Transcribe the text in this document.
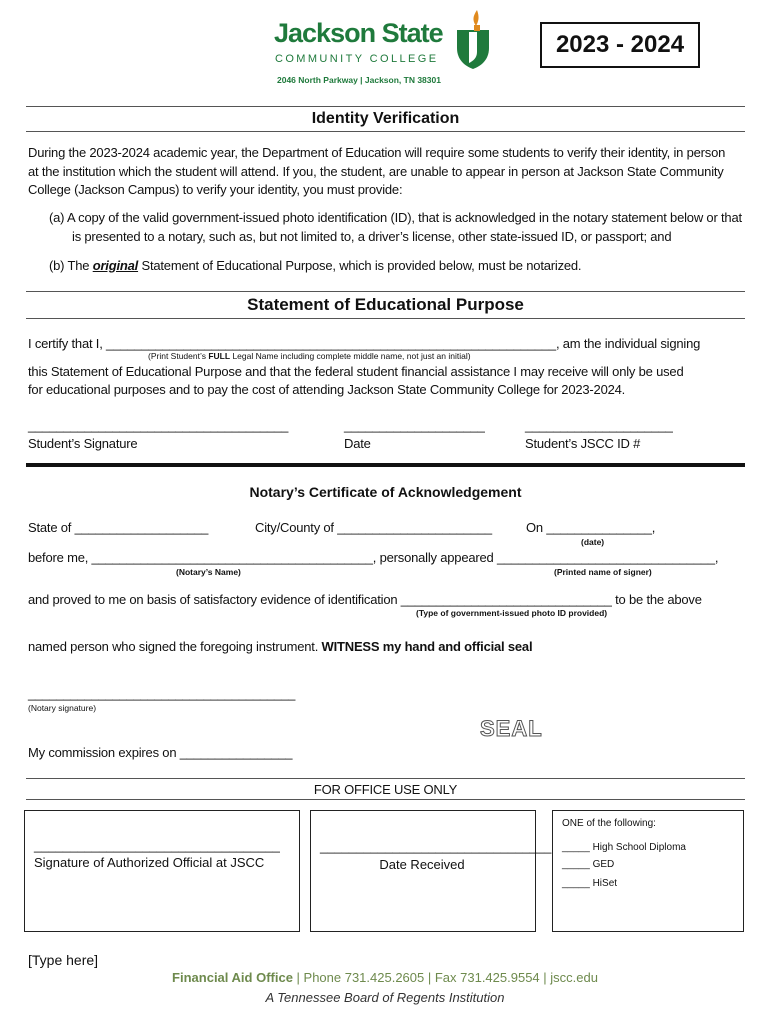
Jackson State
COMMUNITY COLLEGE
2046 North Parkway | Jackson, TN 38301
2023 - 2024
Identity Verification
During the 2023-2024 academic year, the Department of Education will require some students to verify their identity, in person
at the institution which the student will attend. If you, the student, are unable to appear in person at Jackson State Community
College (Jackson Campus) to verify your identity, you must provide:
(a) A copy of the valid government-issued photo identification (ID), that is acknowledged in the notary statement below or that
is presented to a notary, such as, but not limited to, a driver’s license, other state-issued ID, or passport; and
(b) The original Statement of Educational Purpose, which is provided below, must be notarized.
Statement of Educational Purpose
I certify that I, ________________________________________________________________, am the individual signing
(Print Student’s FULL Legal Name including complete middle name, not just an initial)
this Statement of Educational Purpose and that the federal student financial assistance I may receive will only be used
for educational purposes and to pay the cost of attending Jackson State Community College for 2023-2024.
_____________________________________	____________________	_____________________
Student’s Signature	Date	Student’s JSCC ID #
Notary’s Certificate of Acknowledgement
State of ___________________	City/County of ______________________	On _______________,
(date)
before me, ________________________________________, personally appeared _______________________________,
(Notary’s Name)	(Printed name of signer)
and proved to me on basis of satisfactory evidence of identification ______________________________ to be the above
(Type of government-issued photo ID provided)
named person who signed the foregoing instrument. WITNESS my hand and official seal
______________________________________
(Notary signature)
SEAL
My commission expires on ________________
FOR OFFICE USE ONLY
__________________________________
Signature of Authorized Official at JSCC
________________________________
Date Received
ONE of the following:
_____ High School Diploma
_____ GED
_____ HiSet
[Type here]
Financial Aid Office | Phone 731.425.2605 | Fax 731.425.9554 | jscc.edu
A Tennessee Board of Regents Institution
